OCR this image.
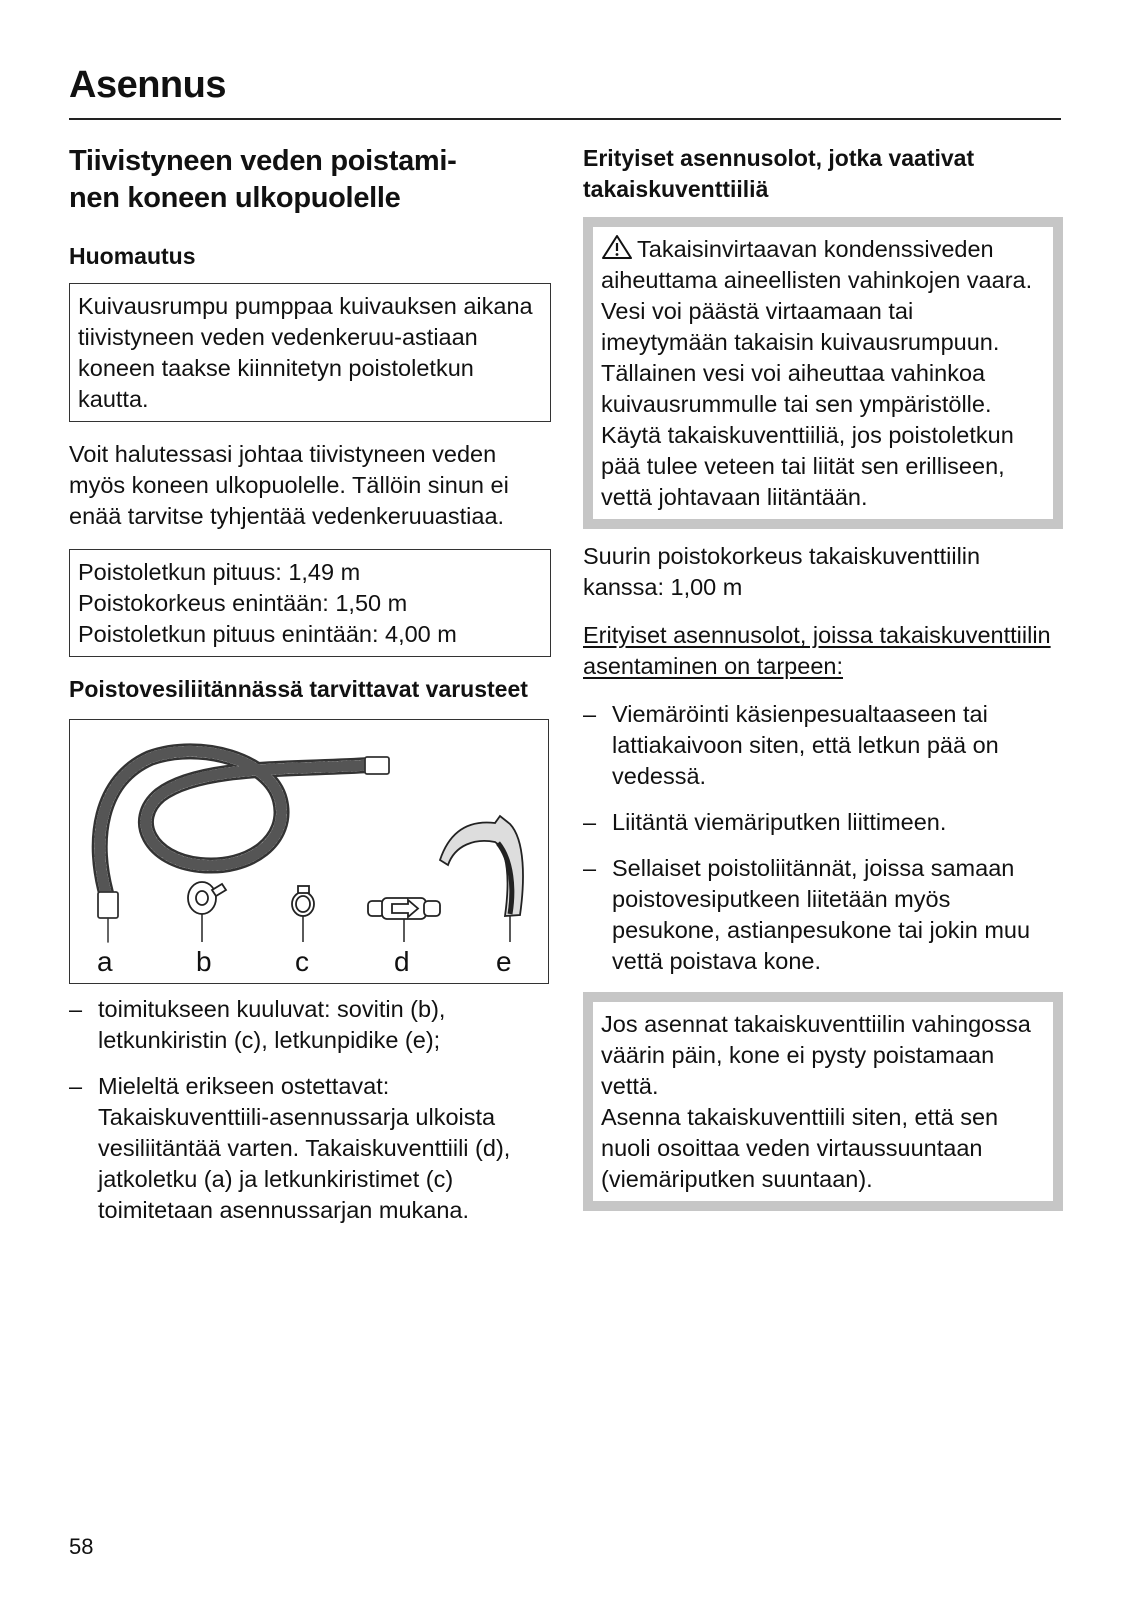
Asennus
Tiivistyneen veden poistami-
nen koneen ulkopuolelle
Huomautus

Kuivausrumpu pumppaa kuivauksen aikana tiivistyneen veden vedenkeruu-astiaan koneen taakse kiinnitetyn poistoletkun kautta.

Voit halutessasi johtaa tiivistyneen veden myös koneen ulkopuolelle. Tällöin sinun ei enää tarvitse tyhjentää vedenkeruuastiaa.

Poistoletkun pituus: 1,49 m
Poistokorkeus enintään: 1,50 m
Poistoletkun pituus enintään: 4,00 m
Poistovesiliitännässä tarvittavat varusteet
a	b	c	d	e
– toimitukseen kuuluvat: sovitin (b), letkunkiristin (c), letkunpidike (e);
– Mieleltä erikseen ostettavat: Takaiskuventtiili-asennussarja ulkoista vesiliitäntää varten. Takaiskuventtiili (d), jatkoletku (a) ja letkunkiristimet (c) toimitetaan asennussarjan mukana.
Erityiset asennusolot, jotka vaativat takaiskuventtiiliä

Takaisinvirtaavan kondenssiveden aiheuttama aineellisten vahinkojen vaara.

Vesi voi päästä virtaamaan tai imeytymään takaisin kuivausrumpuun. Tällainen vesi voi aiheuttaa vahinkoa kuivausrummulle tai sen ympäristölle.

Käytä takaiskuventtiiliä, jos poistoletkun pää tulee veteen tai liität sen erilliseen, vettä johtavaan liitäntään.

Suurin poistokorkeus takaiskuventtiilin kanssa: 1,00 m

Erityiset asennusolot, joissa takaiskuventtiilin asentaminen on tarpeen:

– Viemäröinti käsienpesualtaaseen tai lattiakaivoon siten, että letkun pää on vedessä.
– Liitäntä viemäriputken liittimeen.
– Sellaiset poistoliitännät, joissa samaan poistovesiputkeen liitetään myös pesukone, astianpesukone tai jokin muu vettä poistava kone.

Jos asennat takaiskuventtiilin vahingossa väärin päin, kone ei pysty poistamaan vettä.

Asenna takaiskuventtiili siten, että sen nuoli osoittaa veden virtaussuuntaan (viemäriputken suuntaan).

58
